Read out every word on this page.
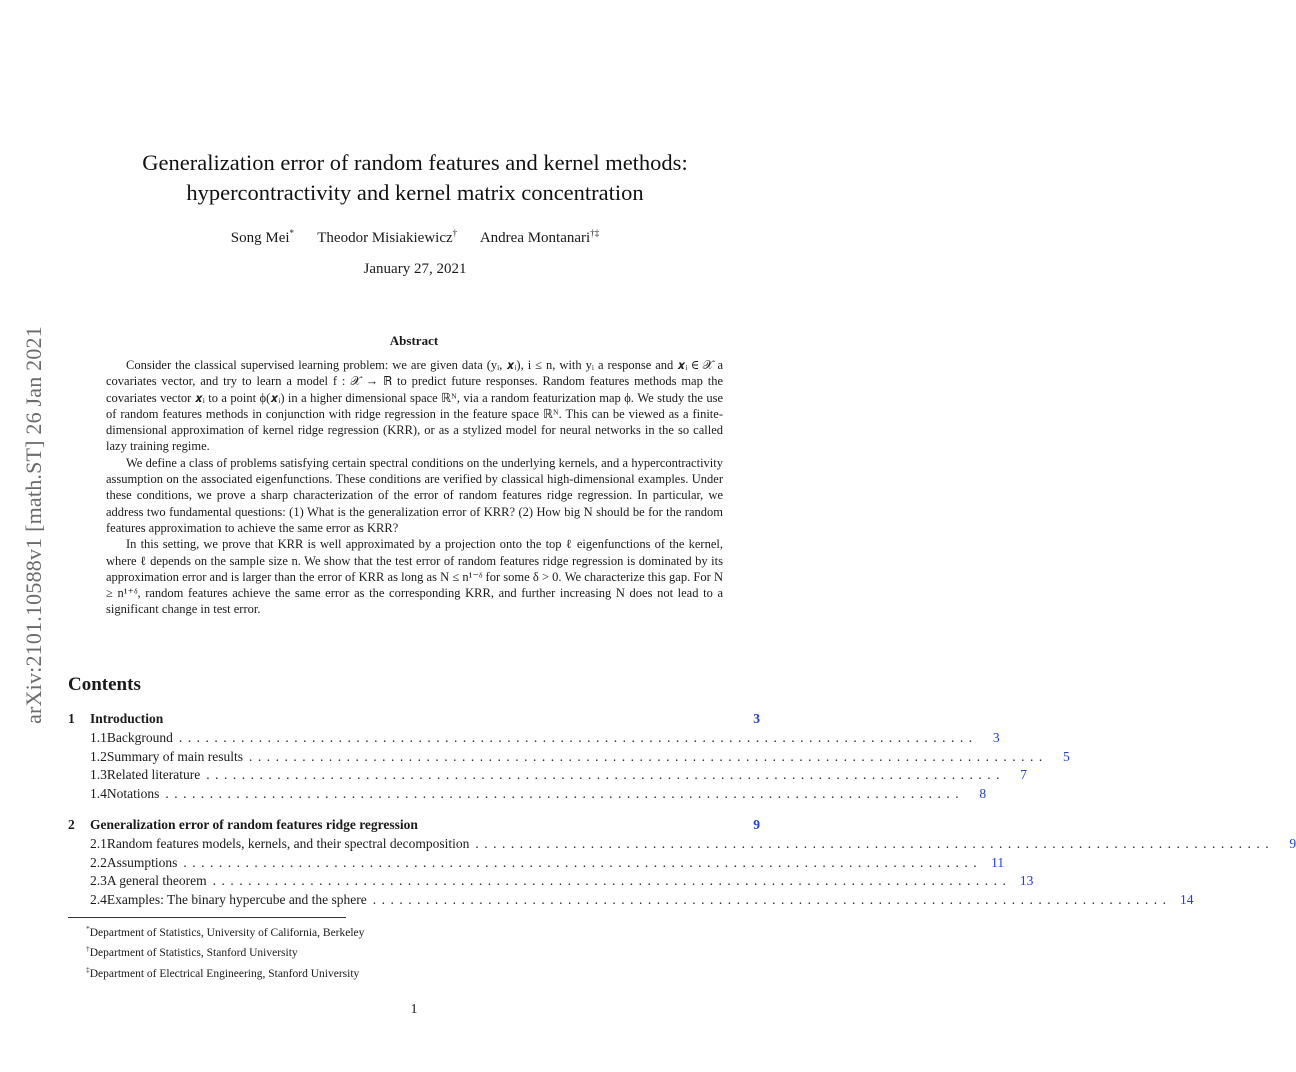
arXiv:2101.10588v1 [math.ST] 26 Jan 2021
Generalization error of random features and kernel methods:
hypercontractivity and kernel matrix concentration
Song Mei* Theodor Misiakiewicz† Andrea Montanari†‡
January 27, 2021
Abstract

Consider the classical supervised learning problem: we are given data (yᵢ, 𝒙ᵢ), i ≤ n, with yᵢ a response and 𝒙ᵢ ∈ 𝒳 a covariates vector, and try to learn a model f : 𝒳 → ℝ to predict future responses. Random features methods map the covariates vector 𝒙ᵢ to a point ϕ(𝒙ᵢ) in a higher dimensional space ℝᴺ, via a random featurization map ϕ. We study the use of random features methods in conjunction with ridge regression in the feature space ℝᴺ. This can be viewed as a finite-dimensional approximation of kernel ridge regression (KRR), or as a stylized model for neural networks in the so called lazy training regime.

We define a class of problems satisfying certain spectral conditions on the underlying kernels, and a hypercontractivity assumption on the associated eigenfunctions. These conditions are verified by classical high-dimensional examples. Under these conditions, we prove a sharp characterization of the error of random features ridge regression. In particular, we address two fundamental questions: (1) What is the generalization error of KRR? (2) How big N should be for the random features approximation to achieve the same error as KRR?

In this setting, we prove that KRR is well approximated by a projection onto the top ℓ eigenfunctions of the kernel, where ℓ depends on the sample size n. We show that the test error of random features ridge regression is dominated by its approximation error and is larger than the error of KRR as long as N ≤ n¹⁻ᵟ for some δ > 0. We characterize this gap. For N ≥ n¹⁺ᵟ, random features achieve the same error as the corresponding KRR, and further increasing N does not lead to a significant change in test error.

Contents
1	Introduction	3
1.1 Background ..........................................................................................	3
1.2 Summary of main results ..........................................................................................	5
1.3 Related literature ..........................................................................................	7
1.4 Notations ..........................................................................................	8
2	Generalization error of random features ridge regression	9
2.1 Random features models, kernels, and their spectral decomposition ..........................................................................................	9
2.2 Assumptions .......................................................................................... 11
2.3 A general theorem .......................................................................................... 13
2.4 Examples: The binary hypercube and the sphere .......................................................................................... 14
*Department of Statistics, University of California, Berkeley
†Department of Statistics, Stanford University
‡Department of Electrical Engineering, Stanford University
1
